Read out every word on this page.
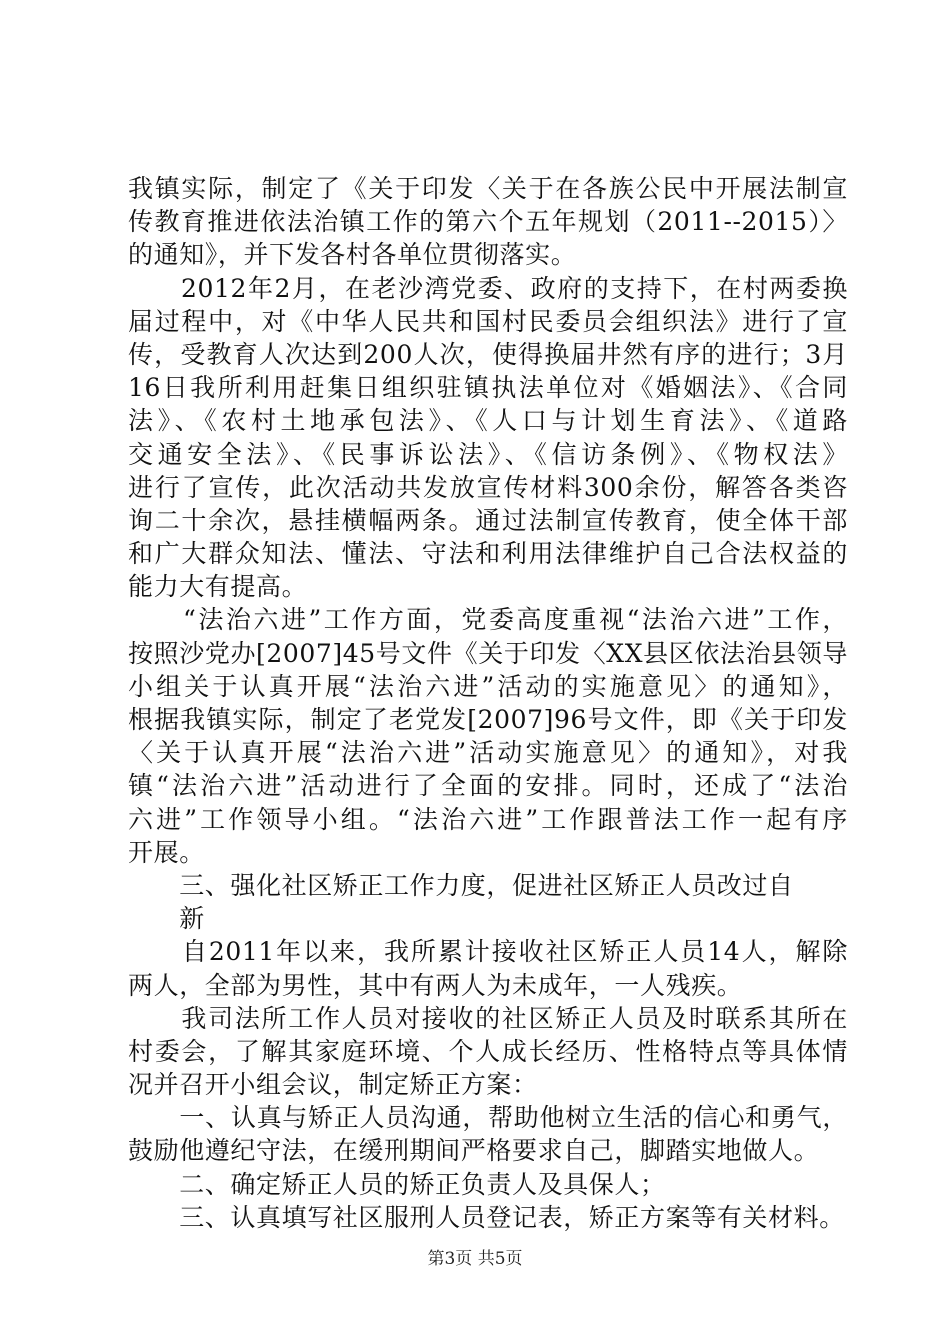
我镇实际，制定了《关于印发〈关于在各族公民中开展法制宣
传教育推进依法治镇工作的第六个五年规划（2011--2015）〉
的通知》，并下发各村各单位贯彻落实。
　　2012年2月，在老沙湾党委、政府的支持下，在村两委换
届过程中，对《中华人民共和国村民委员会组织法》进行了宣
传，受教育人次达到200人次，使得换届井然有序的进行；3月
16日我所利用赶集日组织驻镇执法单位对《婚姻法》、《合同
法》、《农村土地承包法》、《人口与计划生育法》、《道路
交通安全法》、《民事诉讼法》、《信访条例》、《物权法》
进行了宣传，此次活动共发放宣传材料300余份，解答各类咨
询二十余次，悬挂横幅两条。通过法制宣传教育，使全体干部
和广大群众知法、懂法、守法和利用法律维护自己合法权益的
能力大有提高。
　　“法治六进”工作方面，党委高度重视“法治六进”工作，
按照沙党办[2007]45号文件《关于印发〈XX县区依法治县领导
小组关于认真开展“法治六进”活动的实施意见〉的通知》，
根据我镇实际，制定了老党发[2007]96号文件，即《关于印发
〈关于认真开展“法治六进”活动实施意见〉的通知》，对我
镇“法治六进”活动进行了全面的安排。同时，还成了“法治
六进”工作领导小组。“法治六进”工作跟普法工作一起有序
开展。
　　三、强化社区矫正工作力度，促进社区矫正人员改过自
　　新
　　自2011年以来，我所累计接收社区矫正人员14人，解除
两人，全部为男性，其中有两人为未成年，一人残疾。
　　我司法所工作人员对接收的社区矫正人员及时联系其所在
村委会，了解其家庭环境、个人成长经历、性格特点等具体情
况并召开小组会议，制定矫正方案：
　　一、认真与矫正人员沟通，帮助他树立生活的信心和勇气，
鼓励他遵纪守法，在缓刑期间严格要求自己，脚踏实地做人。
　　二、确定矫正人员的矫正负责人及具保人；
　　三、认真填写社区服刑人员登记表，矫正方案等有关材料。
第3页 共5页
